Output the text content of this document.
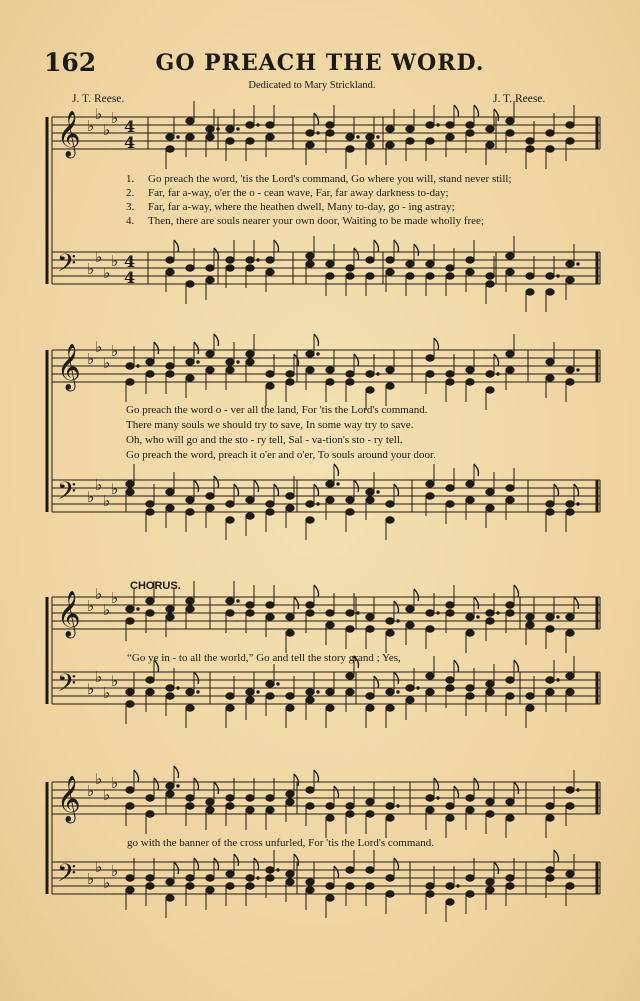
162	GO PREACH THE WORD.
Dedicated to Mary Strickland.
J. T. Reese.	J. T. Reese.
𝄞 ♭
♭
♭
♭ 4
4
𝄢 ♭
♭
♭
♭ 4
4
𝄞 ♭
♭
♭
♭
𝄢 ♭
♭
♭
♭
𝄞 ♭
♭
♭
♭
𝄢 ♭
♭
♭
♭
𝄞 ♭
♭
♭
♭
𝄢 ♭
♭
♭
♭
1. Go preach the word, 'tis the Lord's command, Go where you will, stand never still;
2. Far, far a-way, o'er the o - cean wave, Far, far away darkness to-day;
3. Far, far a-way, where the heathen dwell, Many to-day, go - ing astray;
4. Then, there are souls nearer your own door, Waiting to be made wholly free;
Go preach the word o - ver all the land, For 'tis the Lord's command.
There many souls we should try to save, In some way try to save.
Oh, who will go and the sto - ry tell, Sal - va-tion's sto - ry tell.
Go preach the word, preach it o'er and o'er, To souls around your door.
CHORUS.
“Go ye in - to all the world,” Go and tell the story grand ; Yes,
go with the banner of the cross unfurled, For 'tis the Lord's command.
